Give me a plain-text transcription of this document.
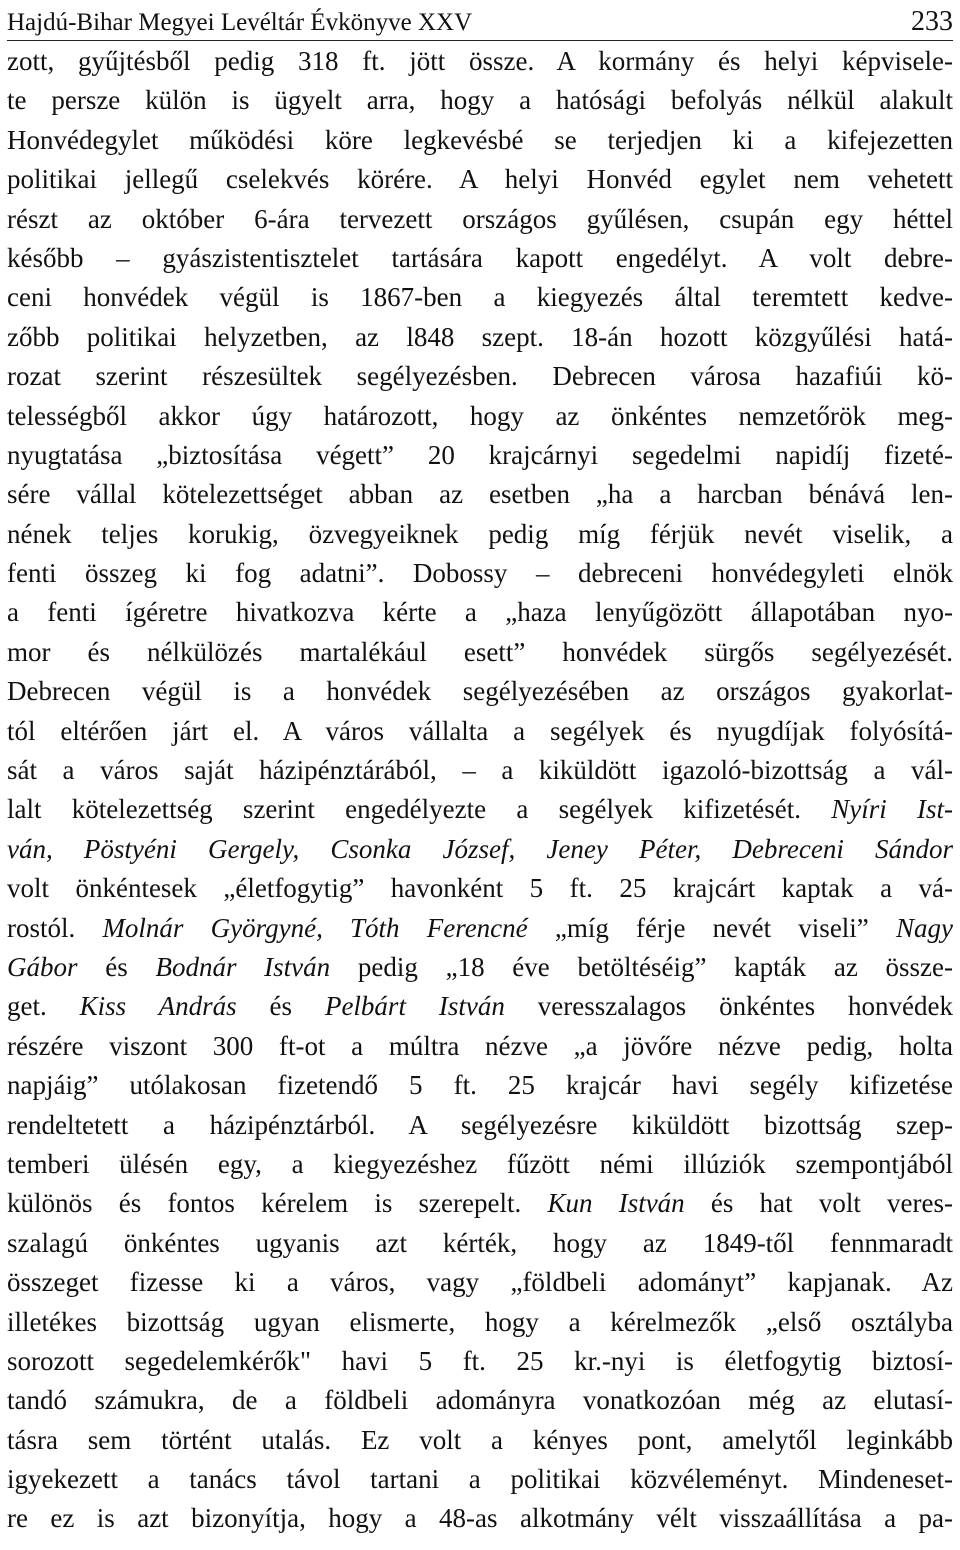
Hajdú-Bihar Megyei Levéltár Évkönyve XXV	233
zott, gyűjtésből pedig 318 ft. jött össze. A kormány és helyi képvisele-
te persze külön is ügyelt arra, hogy a hatósági befolyás nélkül alakult
Honvédegylet működési köre legkevésbé se terjedjen ki a kifejezetten
politikai jellegű cselekvés körére. A helyi Honvéd egylet nem vehetett
részt az október 6-ára tervezett országos gyűlésen, csupán egy héttel
később – gyászistentisztelet tartására kapott engedélyt. A volt debre-
ceni honvédek végül is 1867-ben a kiegyezés által teremtett kedve-
zőbb politikai helyzetben, az l848 szept. 18-án hozott közgyűlési hatá-
rozat szerint részesültek segélyezésben. Debrecen városa hazafiúi kö-
telességből akkor úgy határozott, hogy az önkéntes nemzetőrök meg-
nyugtatása „biztosítása végett” 20 krajcárnyi segedelmi napidíj fizeté-
sére vállal kötelezettséget abban az esetben „ha a harcban bénává len-
nének teljes korukig, özvegyeiknek pedig míg férjük nevét viselik, a
fenti összeg ki fog adatni”. Dobossy – debreceni honvédegyleti elnök
a fenti ígéretre hivatkozva kérte a „haza lenyűgözött állapotában nyo-
mor és nélkülözés martalékául esett” honvédek sürgős segélyezését.
Debrecen végül is a honvédek segélyezésében az országos gyakorlat-
tól eltérően járt el. A város vállalta a segélyek és nyugdíjak folyósítá-
sát a város saját házipénztárából, – a kiküldött igazoló-bizottság a vál-
lalt kötelezettség szerint engedélyezte a segélyek kifizetését. Nyíri Ist-
ván, Pöstyéni Gergely, Csonka József, Jeney Péter, Debreceni Sándor
volt önkéntesek „életfogytig” havonként 5 ft. 25 krajcárt kaptak a vá-
rostól. Molnár Györgyné, Tóth Ferencné „míg férje nevét viseli” Nagy
Gábor és Bodnár István pedig „18 éve betöltéséig” kapták az össze-
get. Kiss András és Pelbárt István veresszalagos önkéntes honvédek
részére viszont 300 ft-ot a múltra nézve „a jövőre nézve pedig, holta
napjáig” utólakosan fizetendő 5 ft. 25 krajcár havi segély kifizetése
rendeltetett a házipénztárból. A segélyezésre kiküldött bizottság szep-
temberi ülésén egy, a kiegyezéshez fűzött némi illúziók szempontjából
különös és fontos kérelem is szerepelt. Kun István és hat volt veres-
szalagú önkéntes ugyanis azt kérték, hogy az 1849-től fennmaradt
összeget fizesse ki a város, vagy „földbeli adományt” kapjanak. Az
illetékes bizottság ugyan elismerte, hogy a kérelmezők „első osztályba
sorozott segedelemkérők" havi 5 ft. 25 kr.-nyi is életfogytig biztosí-
tandó számukra, de a földbeli adományra vonatkozóan még az elutasí-
tásra sem történt utalás. Ez volt a kényes pont, amelytől leginkább
igyekezett a tanács távol tartani a politikai közvéleményt. Mindeneset-
re ez is azt bizonyítja, hogy a 48-as alkotmány vélt visszaállítása a pa-
